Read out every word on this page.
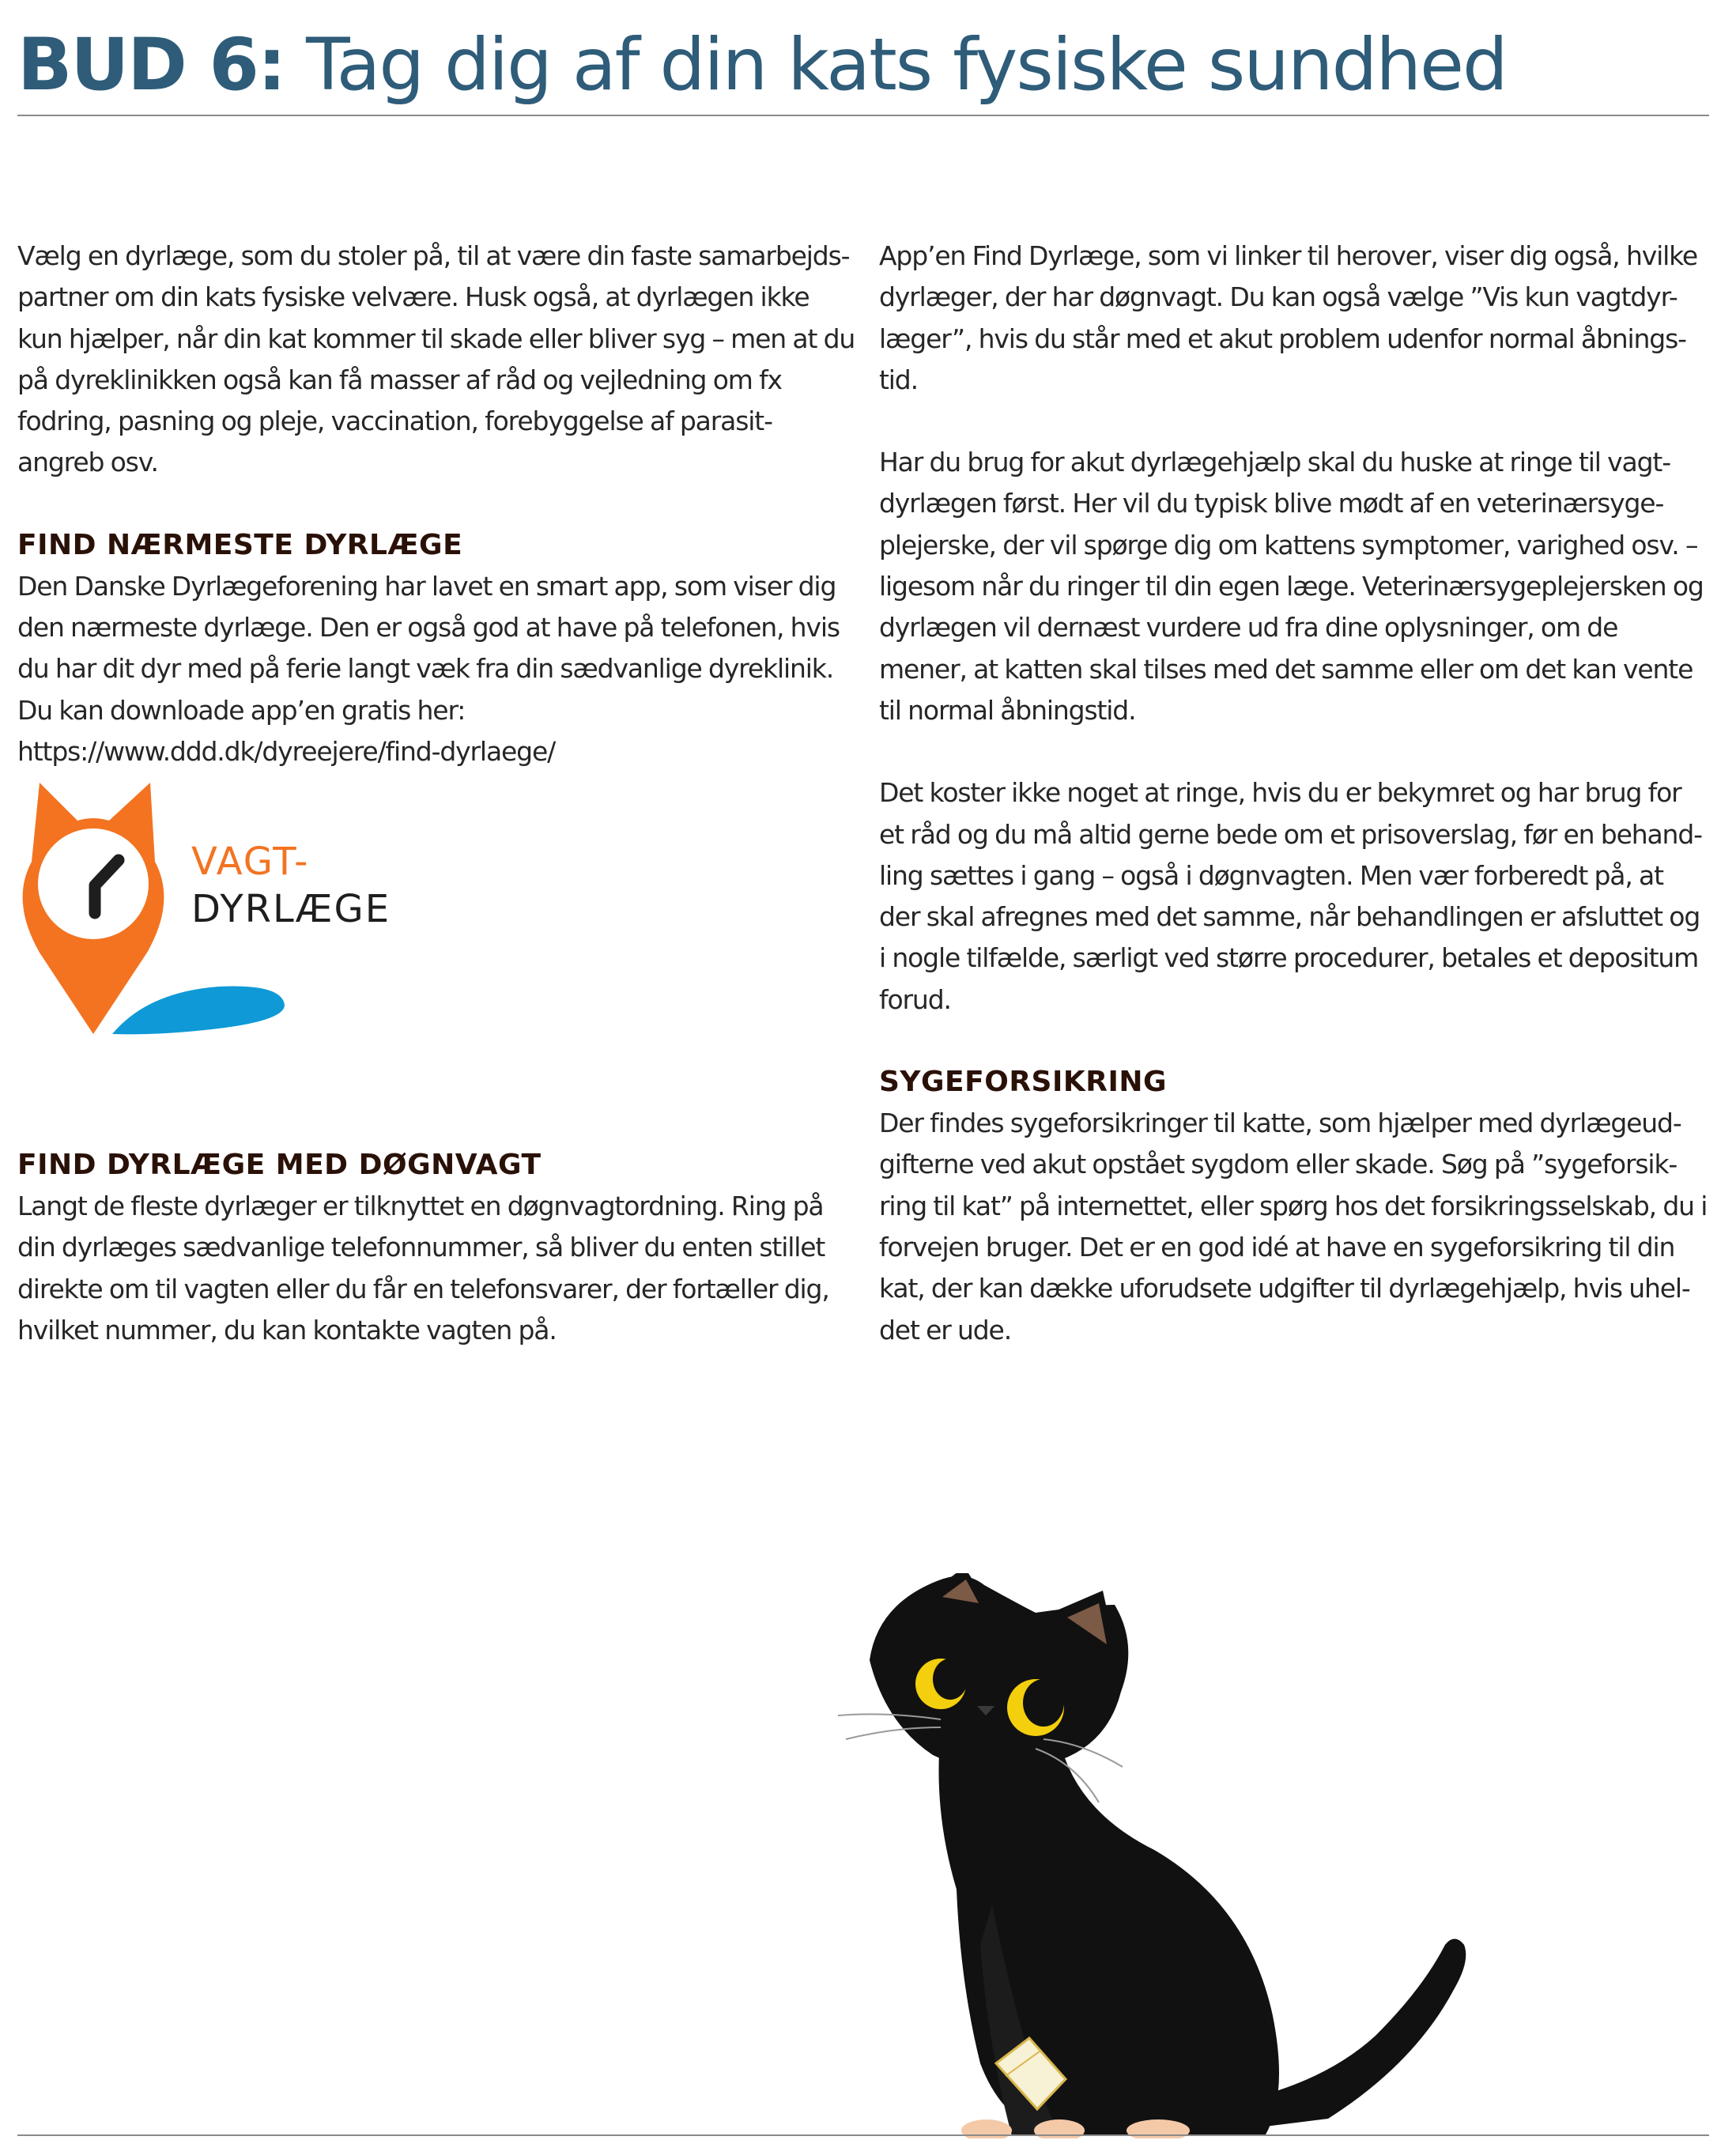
BUD 6: Tag dig af din kats fysiske sundhed

Vælg en dyrlæge, som du stoler på, til at være din faste samarbejds-partner om din kats fysiske velvære. Husk også, at dyrlægen ikke kun hjælper, når din kat kommer til skade eller bliver syg – men at du på dyreklinikken også kan få masser af råd og vejledning om fx fodring, pasning og pleje, vaccination, forebyggelse af parasit-angreb osv.

FIND NÆRMESTE DYRLÆGE

Den Danske Dyrlægeforening har lavet en smart app, som viser dig den nærmeste dyrlæge. Den er også god at have på telefonen, hvis du har dit dyr med på ferie langt væk fra din sædvanlige dyreklinik. Du kan downloade app’en gratis her:

https://www.ddd.dk/dyreejere/find-dyrlaege/

VAGT-
DYRLÆGE
FIND DYRLÆGE MED DØGNVAGT

Langt de fleste dyrlæger er tilknyttet en døgnvagtordning. Ring på din dyrlæges sædvanlige telefonnummer, så bliver du enten stillet direkte om til vagten eller du får en telefonsvarer, der fortæller dig, hvilket nummer, du kan kontakte vagten på.

App’en Find Dyrlæge, som vi linker til herover, viser dig også, hvilke dyrlæger, der har døgnvagt. Du kan også vælge ”Vis kun vagtdyr-læger”, hvis du står med et akut problem udenfor normal åbnings-tid.

Har du brug for akut dyrlægehjælp skal du huske at ringe til vagt-dyrlægen først. Her vil du typisk blive mødt af en veterinærsyge-plejerske, der vil spørge dig om kattens symptomer, varighed osv. – ligesom når du ringer til din egen læge. Veterinærsygeplejersken og dyrlægen vil dernæst vurdere ud fra dine oplysninger, om de mener, at katten skal tilses med det samme eller om det kan vente til normal åbningstid.

Det koster ikke noget at ringe, hvis du er bekymret og har brug for et råd og du må altid gerne bede om et prisoverslag, før en behand-ling sættes i gang – også i døgnvagten. Men vær forberedt på, at der skal afregnes med det samme, når behandlingen er afsluttet og i nogle tilfælde, særligt ved større procedurer, betales et depositum forud.

SYGEFORSIKRING

Der findes sygeforsikringer til katte, som hjælper med dyrlægeud-gifterne ved akut opstået sygdom eller skade. Søg på ”sygeforsik-ring til kat” på internettet, eller spørg hos det forsikringsselskab, du i forvejen bruger. Det er en god idé at have en sygeforsikring til din kat, der kan dække uforudsete udgifter til dyrlægehjælp, hvis uhel-det er ude.
